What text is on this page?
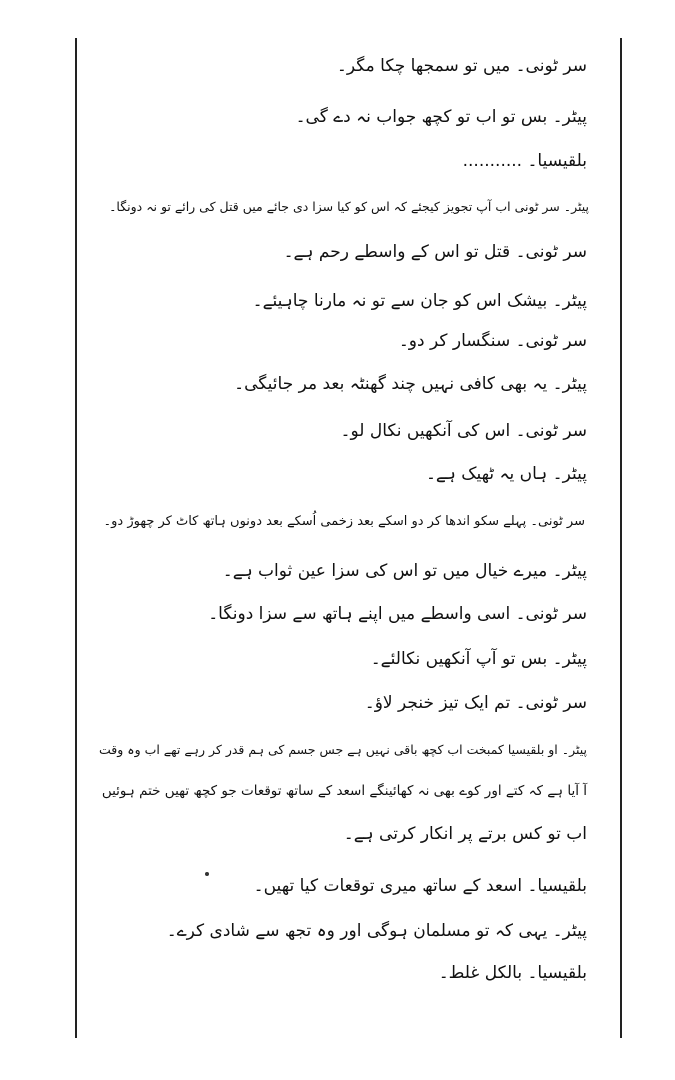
سر ٹونی۔ میں تو سمجھا چکا مگر۔
پیٹر۔ بس تو اب تو کچھ جواب نہ دے گی۔
بلقیسیا۔ ...........
پیٹر۔ سر ٹونی اب آپ تجویز کیجئے کہ اس کو کیا سزا دی جائے میں قتل کی رائے تو نہ دونگا۔
سر ٹونی۔ قتل تو اس کے واسطے رحم ہے۔
پیٹر۔ بیشک اس کو جان سے تو نہ مارنا چاہیئے۔
سر ٹونی۔ سنگسار کر دو۔
پیٹر۔ یہ بھی کافی نہیں چند گھنٹہ بعد مر جائیگی۔
سر ٹونی۔ اس کی آنکھیں نکال لو۔
پیٹر۔ ہاں یہ ٹھیک ہے۔
سر ٹونی۔ پہلے سکو اندھا کر دو اسکے بعد زخمی اُسکے بعد دونوں ہاتھ کاٹ کر چھوڑ دو۔
پیٹر۔ میرے خیال میں تو اس کی سزا عین ثواب ہے۔
سر ٹونی۔ اسی واسطے میں اپنے ہاتھ سے سزا دونگا۔
پیٹر۔ بس تو آپ آنکھیں نکالئے۔
سر ٹونی۔ تم ایک تیز خنجر لاؤ۔
پیٹر۔ او بلقیسیا کمبخت اب کچھ باقی نہیں ہے جس جسم کی ہم قدر کر رہے تھے اب وہ وقت
آ آیا ہے کہ کتے اور کوے بھی نہ کھائینگے اسعد کے ساتھ توقعات جو کچھ تھیں ختم ہوئیں
اب تو کس برتے پر انکار کرتی ہے۔
بلقیسیا۔ اسعد کے ساتھ میری توقعات کیا تھیں۔
پیٹر۔ یہی کہ تو مسلمان ہوگی اور وہ تجھ سے شادی کرے۔
بلقیسیا۔ بالکل غلط۔
